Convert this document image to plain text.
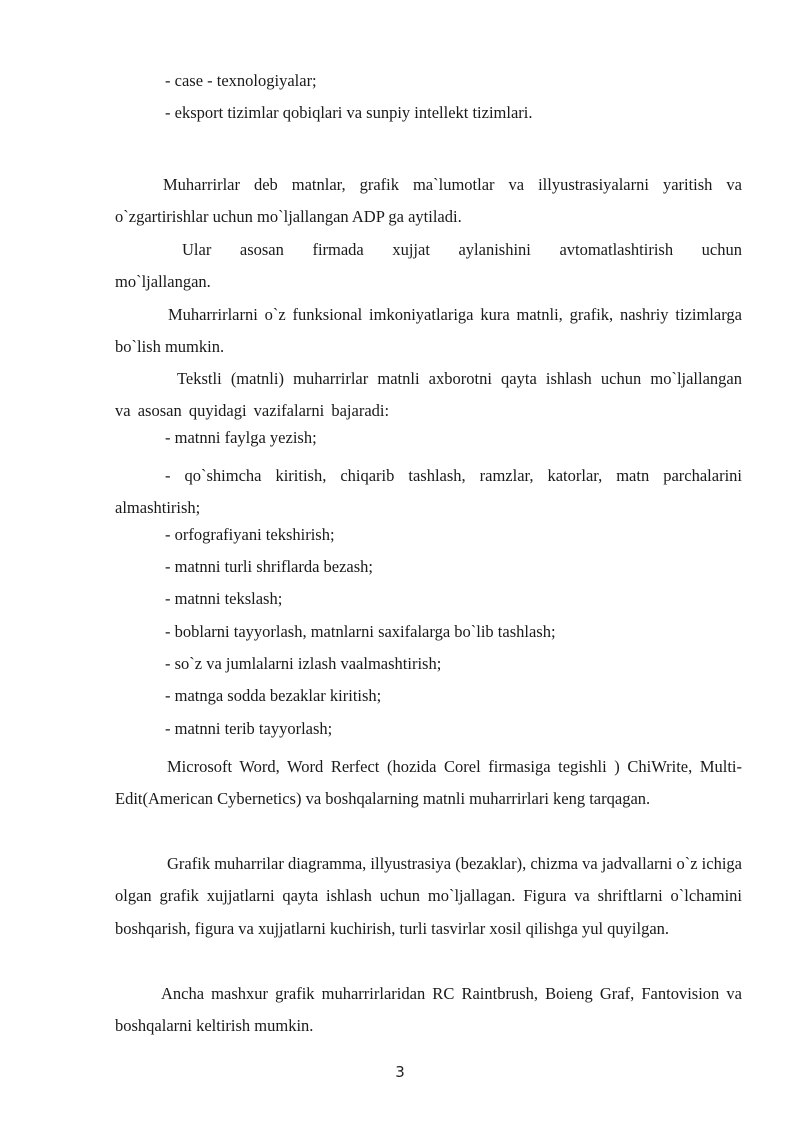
- case - texnologiyalar;

- eksport tizimlar qobiqlari va sunpiy intellekt tizimlari.

Muharrirlar deb matnlar, grafik ma`lumotlar va illyustrasiyalarni yaritish va o`zgartirishlar uchun mo`ljallangan ADP ga aytiladi.

Ular asosan firmada xujjat aylanishini avtomatlashtirish uchun mo`ljallangan.

Muharrirlarni o`z funksional imkoniyatlariga kura matnli, grafik, nashriy tizimlarga bo`lish mumkin.

Tekstli (matnli) muharrirlar matnli axborotni qayta ishlash uchun mo`ljallangan va asosan quyidagi vazifalarni bajaradi:

- matnni faylga yezish;

- qo`shimcha kiritish, chiqarib tashlash, ramzlar, katorlar, matn parchalarini almashtirish;

- orfografiyani tekshirish;

- matnni turli shriflarda bezash;

- matnni tekslash;

- boblarni tayyorlash, matnlarni saxifalarga bo`lib tashlash;

- so`z va jumlalarni izlash vaalmashtirish;

- matnga sodda bezaklar kiritish;

- matnni terib tayyorlash;

Microsoft Word, Word Rerfect (hozida Corel firmasiga tegishli ) ChiWrite, Multi-Edit(American Cybernetics) va boshqalarning matnli muharrirlari keng tarqagan.

Grafik muharrilar diagramma, illyustrasiya (bezaklar), chizma va jadvallarni o`z ichiga olgan grafik xujjatlarni qayta ishlash uchun mo`ljallagan. Figura va shriftlarni o`lchamini boshqarish, figura va xujjatlarni kuchirish, turli tasvirlar xosil qilishga yul quyilgan.

Ancha mashxur grafik muharrirlaridan RC Raintbrush, Boieng Graf, Fantovision va boshqalarni keltirish mumkin.

3
